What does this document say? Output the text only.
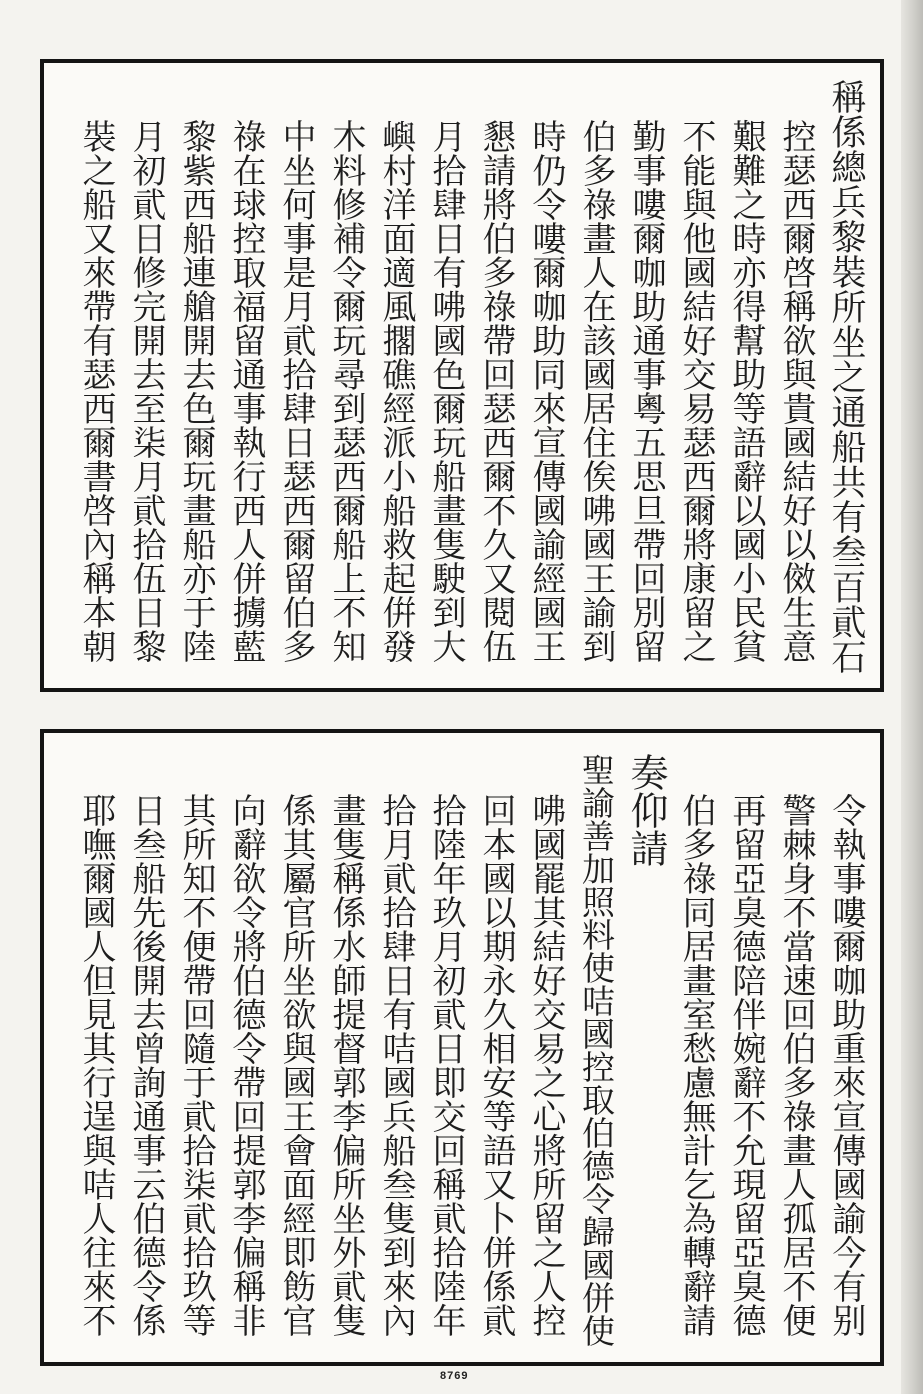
稱係總兵黎裝所坐之通船共有叁百貮石
控瑟西爾啓稱欲與貴國結好以傚生意
艱難之時亦得幫助等語辭以國小民貧
不能與他國結好交易瑟西爾將康留之
勤事嘍爾咖助通事粵五思旦帶回別留
伯多祿畫人在該國居住俟咈國王諭到
時仍令嘍爾咖助同來宣傳國諭經國王
懇請將伯多祿帶回瑟西爾不久又閱伍
月拾肆日有咈國色爾玩船畫隻駛到大
嶼村洋面適風擱礁經派小船救起倂發
木料修補令爾玩尋到瑟西爾船上不知
中坐何事是月貮拾肆日瑟西爾留伯多
祿在球控取福留通事執行西人併擄藍
黎紫西船連艙開去色爾玩畫船亦于陸
月初貮日修完開去至柒月貮拾伍日黎
裝之船又來帶有瑟西爾書啓內稱本朝
令執事嘍爾咖助重來宣傳國諭今有别
警棘身不當速回伯多祿畫人孤居不便
再留亞臭德陪伴婉辭不允現留亞臭德
伯多祿同居畫室愁慮無計乞為轉辭請
奏仰請
聖諭善加照料使咭國控取伯德令歸國併使
咈國罷其結好交易之心將所留之人控
回本國以期永久相安等語又卜併係貮
拾陸年玖月初貮日即交回稱貮拾陸年
拾月貮拾肆日有咭國兵船叁隻到來內
畫隻稱係水師提督郭李偏所坐外貮隻
係其屬官所坐欲與國王會面經即飭官
向辭欲令將伯德令帶回提郭李偏稱非
其所知不便帶回隨于貮拾柒貮拾玖等
日叁船先後開去曾詢通事云伯德令係
耶嘸爾國人但見其行逞與咭人往來不
8769
